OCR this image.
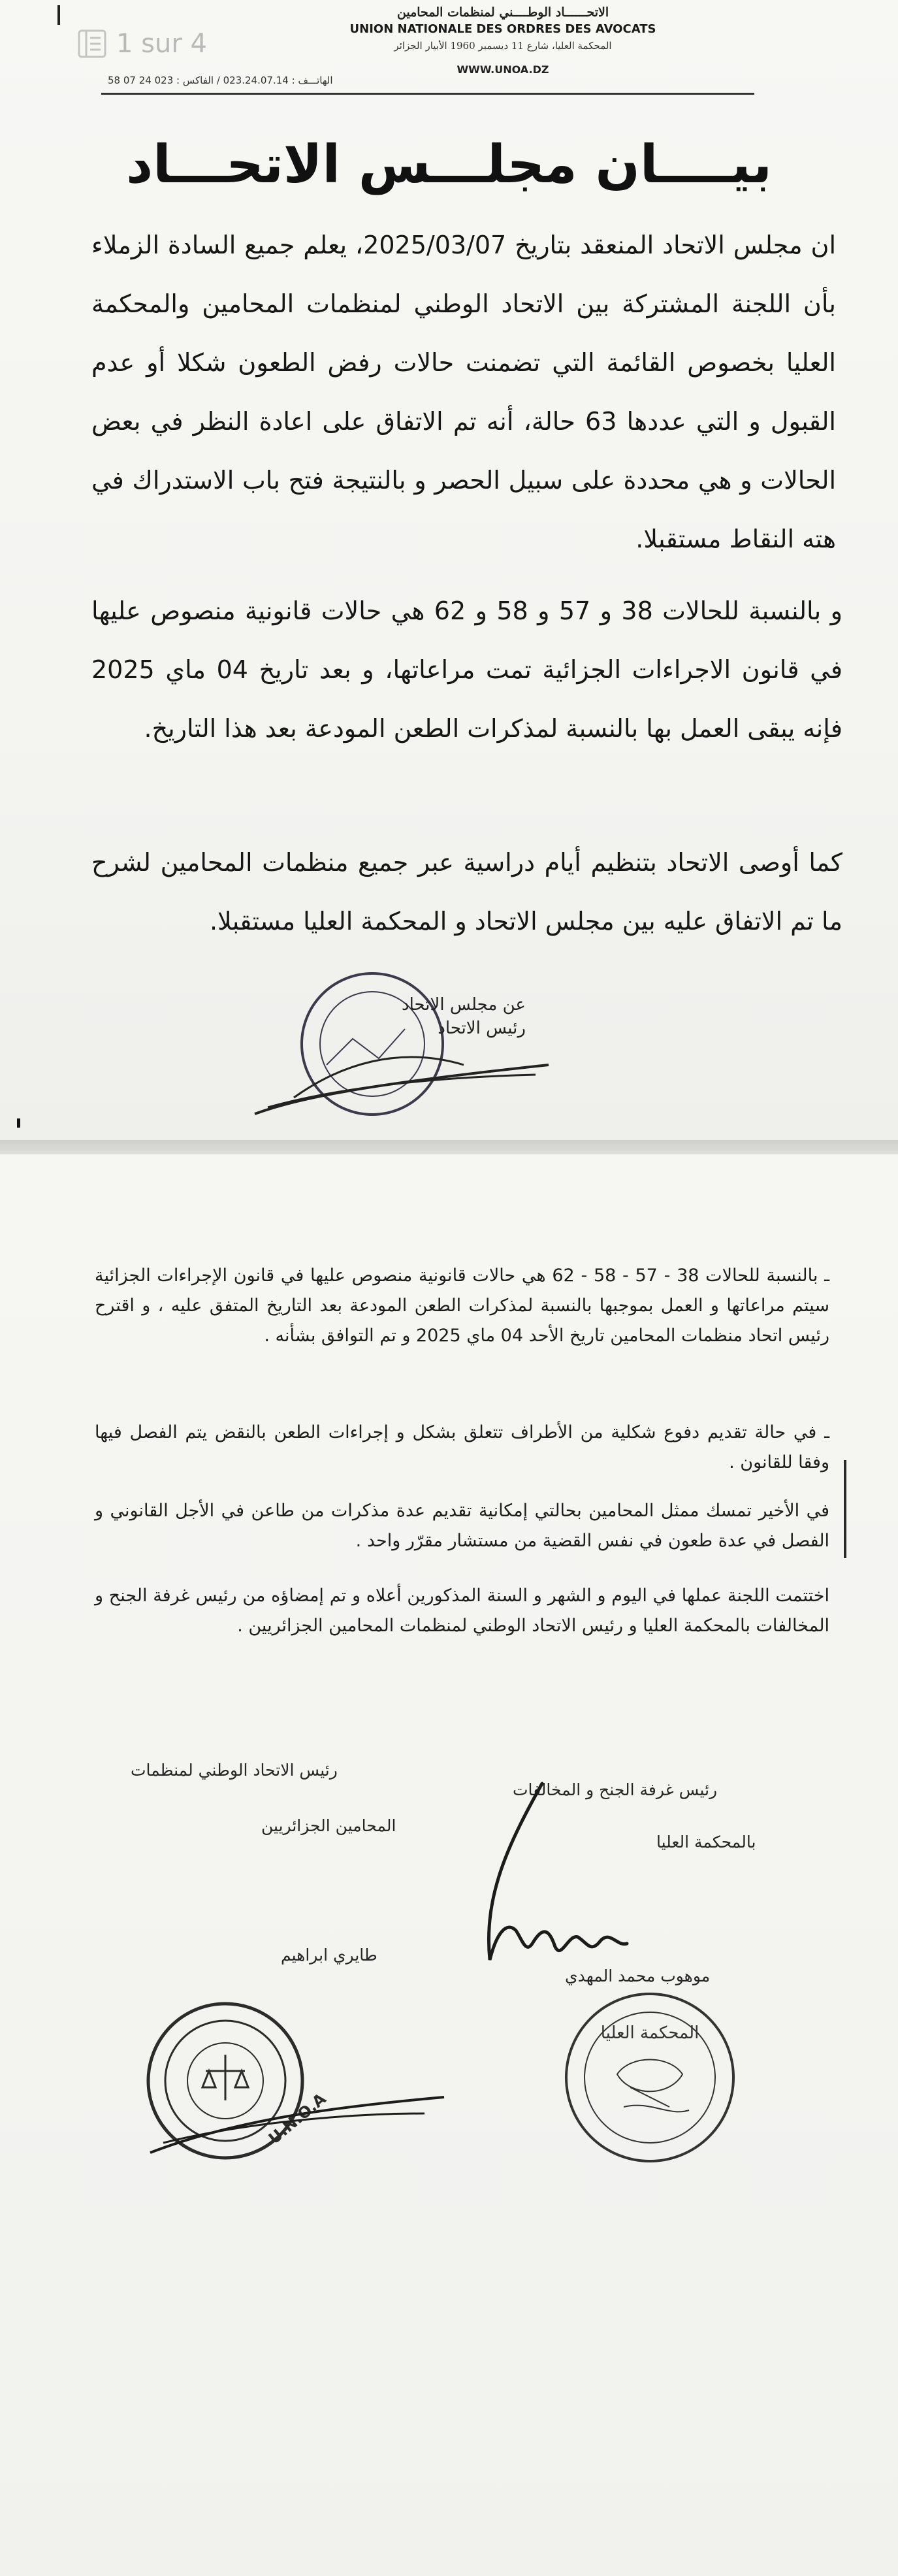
1 sur 4
الاتحــــــاد الوطــــني لمنظمات المحامين
UNION NATIONALE DES ORDRES DES AVOCATS
المحكمة العليا، شارع 11 ديسمبر 1960 الأبيار الجزائر
WWW.UNOA.DZ
الهاتـــف : 023.24.07.14 / الفاكس : 023 24 07 58
بيــــان مجلـــس الاتحـــاد

ان مجلس الاتحاد المنعقد بتاريخ 2025/03/07، يعلم جميع السادة الزملاء بأن اللجنة المشتركة بين الاتحاد الوطني لمنظمات المحامين والمحكمة العليا بخصوص القائمة التي تضمنت حالات رفض الطعون شكلا أو عدم القبول و التي عددها 63 حالة، أنه تم الاتفاق على اعادة النظر في بعض الحالات و هي محددة على سبيل الحصر و بالنتيجة فتح باب الاستدراك في هته النقاط مستقبلا.

و بالنسبة للحالات 38 و 57 و 58 و 62 هي حالات قانونية منصوص عليها في قانون الاجراءات الجزائية تمت مراعاتها، و بعد تاريخ 04 ماي 2025 فإنه يبقى العمل بها بالنسبة لمذكرات الطعن المودعة بعد هذا التاريخ.

كما أوصى الاتحاد بتنظيم أيام دراسية عبر جميع منظمات المحامين لشرح ما تم الاتفاق عليه بين مجلس الاتحاد و المحكمة العليا مستقبلا.

عن مجلس الاتحاد
رئيس الاتحاد

ـ بالنسبة للحالات 38 - 57 - 58 - 62 هي حالات قانونية منصوص عليها في قانون الإجراءات الجزائية سيتم مراعاتها و العمل بموجبها بالنسبة لمذكرات الطعن المودعة بعد التاريخ المتفق عليه ، و اقترح رئيس اتحاد منظمات المحامين تاريخ الأحد 04 ماي 2025 و تم التوافق بشأنه .

ـ في حالة تقديم دفوع شكلية من الأطراف تتعلق بشكل و إجراءات الطعن بالنقض يتم الفصل فيها وفقا للقانون .

في الأخير تمسك ممثل المحامين بحالتي إمكانية تقديم عدة مذكرات من طاعن في الأجل القانوني و الفصل في عدة طعون في نفس القضية من مستشار مقرّر واحد .

اختتمت اللجنة عملها في اليوم و الشهر و السنة المذكورين أعلاه و تم إمضاؤه من رئيس غرفة الجنح و المخالفات بالمحكمة العليا و رئيس الاتحاد الوطني لمنظمات المحامين الجزائريين .

رئيس غرفة الجنح و المخالفات
بالمحكمة العليا
رئيس الاتحاد الوطني لمنظمات
المحامين الجزائريين
موهوب محمد المهدي
طايري ابراهيم
U.N.O.A
المحكمة العليا
